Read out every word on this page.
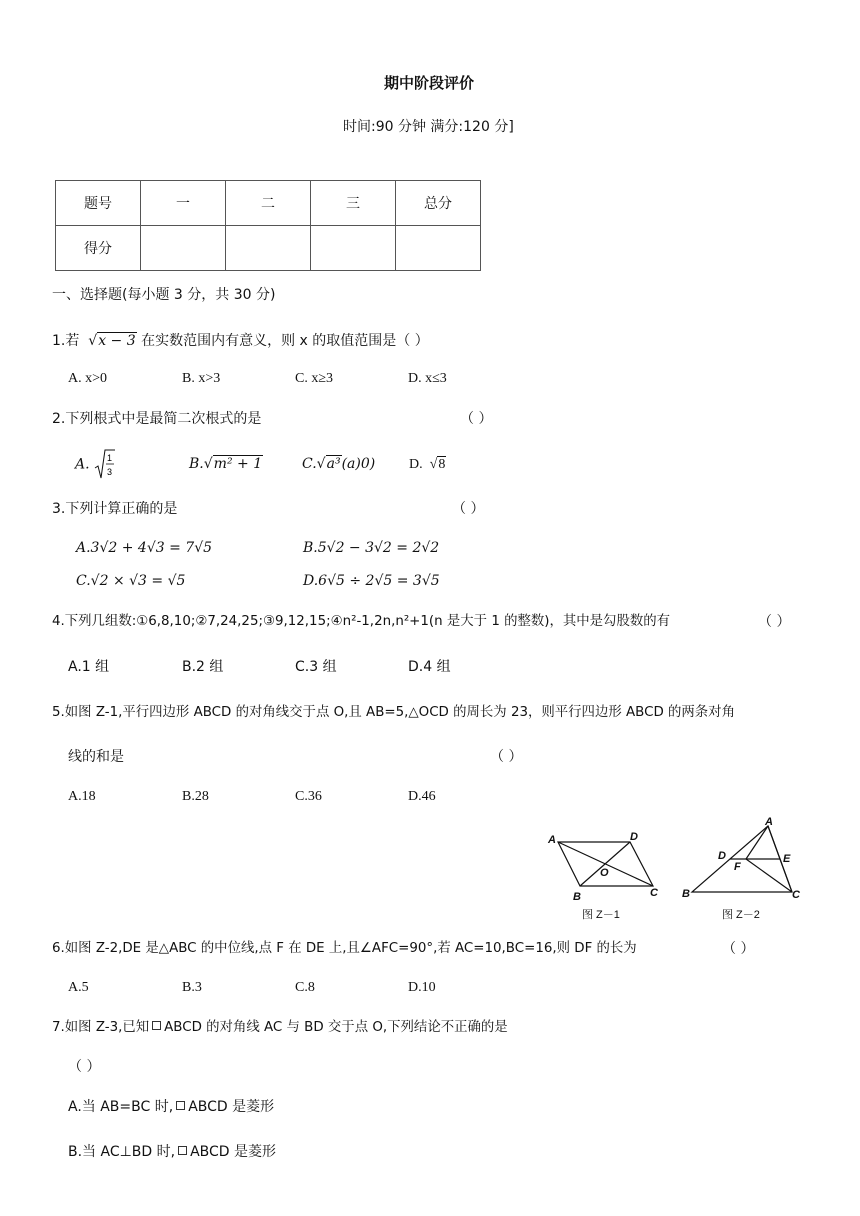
期中阶段评价
时间:90 分钟 满分:120 分]
题号	一	二	三	总分
得分				
一、选择题(每小题 3 分，共 30 分)
1.若  √x − 3 在实数范围内有意义，则 x 的取值范围是（ ）
A. x>0	B. x>3	C. x≥3	D. x≤3
2.下列根式中是最简二次根式的是	（ ）
A. 1
3	B.√m² + 1	C.√a³(a)0) D.  √8
3.下列计算正确的是	（ ）
A.3√2 + 4√3 = 7√5	B.5√2 − 3√2 = 2√2
C.√2 × √3 = √5	D.6√5 ÷ 2√5 = 3√5
4.下列几组数:①6,8,10;②7,24,25;③9,12,15;④n²-1,2n,n²+1(n 是大于 1 的整数)，其中是勾股数的有	（ ）
A.1 组	B.2 组	C.3 组	D.4 组
5.如图 Z-1,平行四边形 ABCD 的对角线交于点 O,且 AB=5,△OCD 的周长为 23，则平行四边形 ABCD 的两条对角
线的和是	（ ）
A.18	B.28	C.36	D.46
A	D
O
B	C
图 Z－1
A
D	E
F
B	C
图 Z－2
6.如图 Z-2,DE 是△ABC 的中位线,点 F 在 DE 上,且∠AFC=90°,若 AC=10,BC=16,则 DF 的长为	（ ）
A.5	B.3	C.8	D.10
7.如图 Z-3,已知 ABCD 的对角线 AC 与 BD 交于点 O,下列结论不正确的是
（ ）
A.当 AB=BC 时, ABCD 是菱形
B.当 AC⊥BD 时, ABCD 是菱形
